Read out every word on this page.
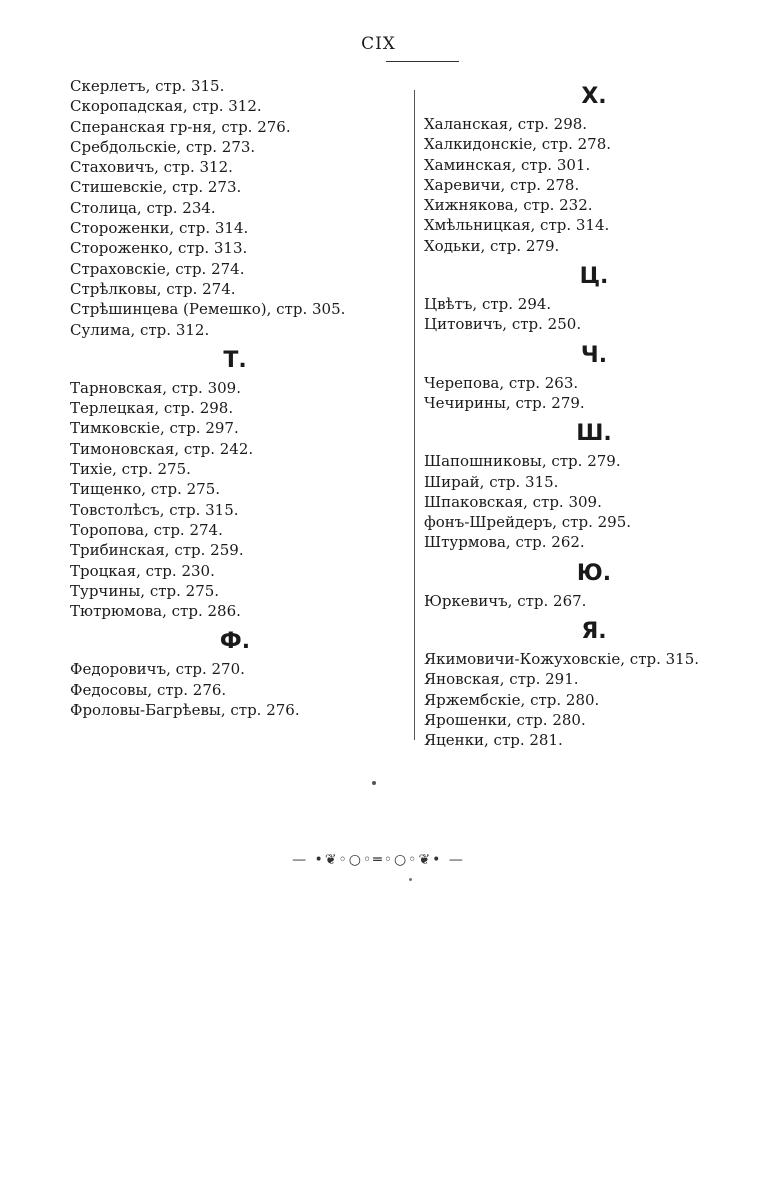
CIX
Скерлетъ, стр. 315.
Скоропадская, стр. 312.
Сперанская гр-ня, стр. 276.
Сребдольскіе, стр. 273.
Стаховичъ, стр. 312.
Стишевскіе, стр. 273.
Столица, стр. 234.
Стороженки, стр. 314.
Стороженко, стр. 313.
Страховскіе, стр. 274.
Стрѣлковы, стр. 274.
Стрѣшинцева (Ремешко), стр. 305.
Сулима, стр. 312.
Т.
Тарновская, стр. 309.
Терлецкая, стр. 298.
Тимковскіе, стр. 297.
Тимоновская, стр. 242.
Тихіе, стр. 275.
Тищенко, стр. 275.
Товстолѣсъ, стр. 315.
Торопова, стр. 274.
Трибинская, стр. 259.
Троцкая, стр. 230.
Турчины, стр. 275.
Тютрюмова, стр. 286.
Ф.
Федоровичъ, стр. 270.
Федосовы, стр. 276.
Фроловы-Багрѣевы, стр. 276.
Х.
Халанская, стр. 298.
Халкидонскіе, стр. 278.
Хаминская, стр. 301.
Харевичи, стр. 278.
Хижнякова, стр. 232.
Хмѣльницкая, стр. 314.
Ходьки, стр. 279.
Ц.
Цвѣтъ, стр. 294.
Цитовичъ, стр. 250.
Ч.
Черепова, стр. 263.
Чечирины, стр. 279.
Ш.
Шапошниковы, стр. 279.
Ширай, стр. 315.
Шпаковская, стр. 309.
фонъ-Шрейдеръ, стр. 295.
Штурмова, стр. 262.
Ю.
Юркевичъ, стр. 267.
Я.
Якимовичи-Кожуховскіе, стр. 315.
Яновская, стр. 291.
Яржембскіе, стр. 280.
Ярошенки, стр. 280.
Яценки, стр. 281.
— •❦◦○◦═◦○◦❦• —
